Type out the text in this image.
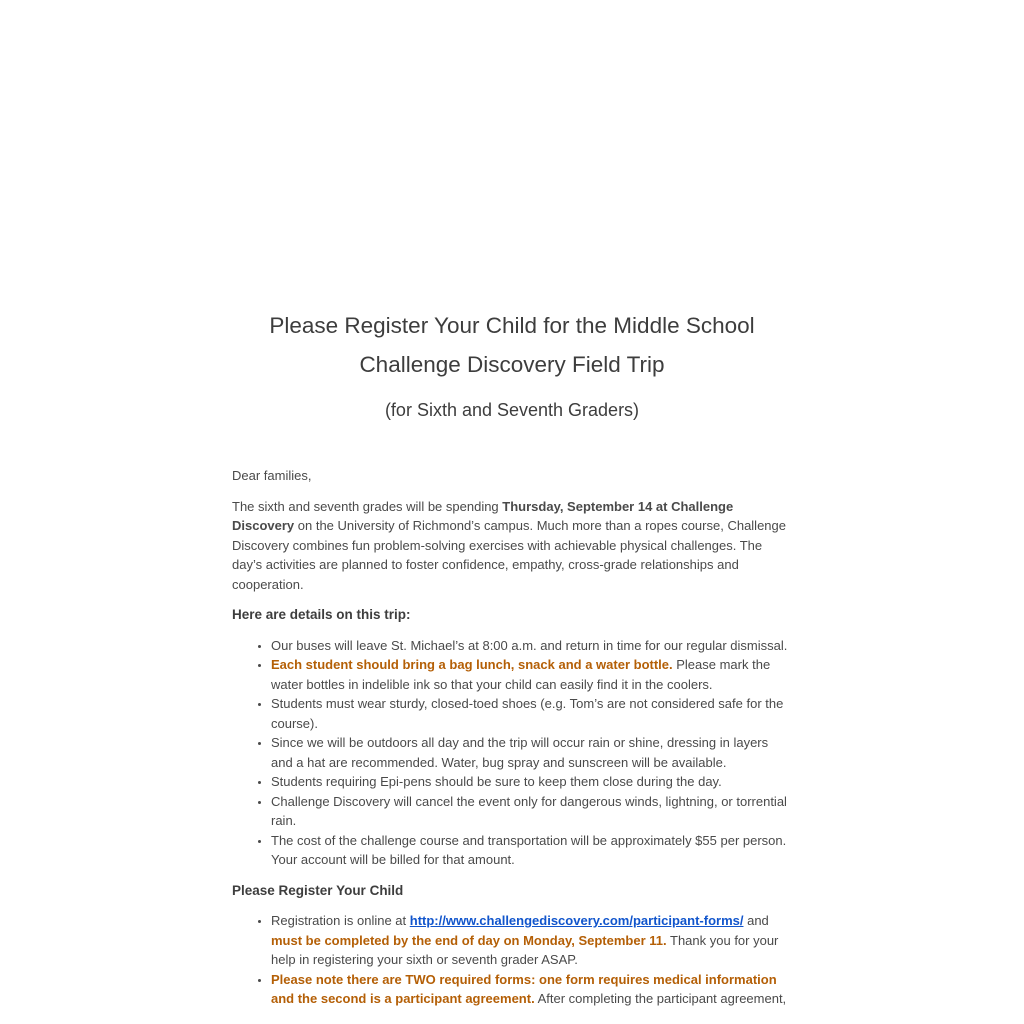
Please Register Your Child for the Middle School
Challenge Discovery Field Trip
(for Sixth and Seventh Graders)

Dear families,

The sixth and seventh grades will be spending Thursday, September 14 at Challenge Discovery on the University of Richmond’s campus. Much more than a ropes course, Challenge Discovery combines fun problem-solving exercises with achievable physical challenges. The day’s activities are planned to foster confidence, empathy, cross-grade relationships and cooperation.

Here are details on this trip:

• Our buses will leave St. Michael’s at 8:00 a.m. and return in time for our regular dismissal.
• Each student should bring a bag lunch, snack and a water bottle. Please mark the water bottles in indelible ink so that your child can easily find it in the coolers.
• Students must wear sturdy, closed-toed shoes (e.g. Tom’s are not considered safe for the course).
• Since we will be outdoors all day and the trip will occur rain or shine, dressing in layers and a hat are recommended. Water, bug spray and sunscreen will be available.
• Students requiring Epi-pens should be sure to keep them close during the day.
• Challenge Discovery will cancel the event only for dangerous winds, lightning, or torrential rain.
• The cost of the challenge course and transportation will be approximately $55 per person. Your account will be billed for that amount.

Please Register Your Child

• Registration is online at http://www.challengediscovery.com/participant-forms/ and must be completed by the end of day on Monday, September 11. Thank you for your help in registering your sixth or seventh grader ASAP.
• Please note there are TWO required forms: one form requires medical information and the second is a participant agreement. After completing the participant agreement,
